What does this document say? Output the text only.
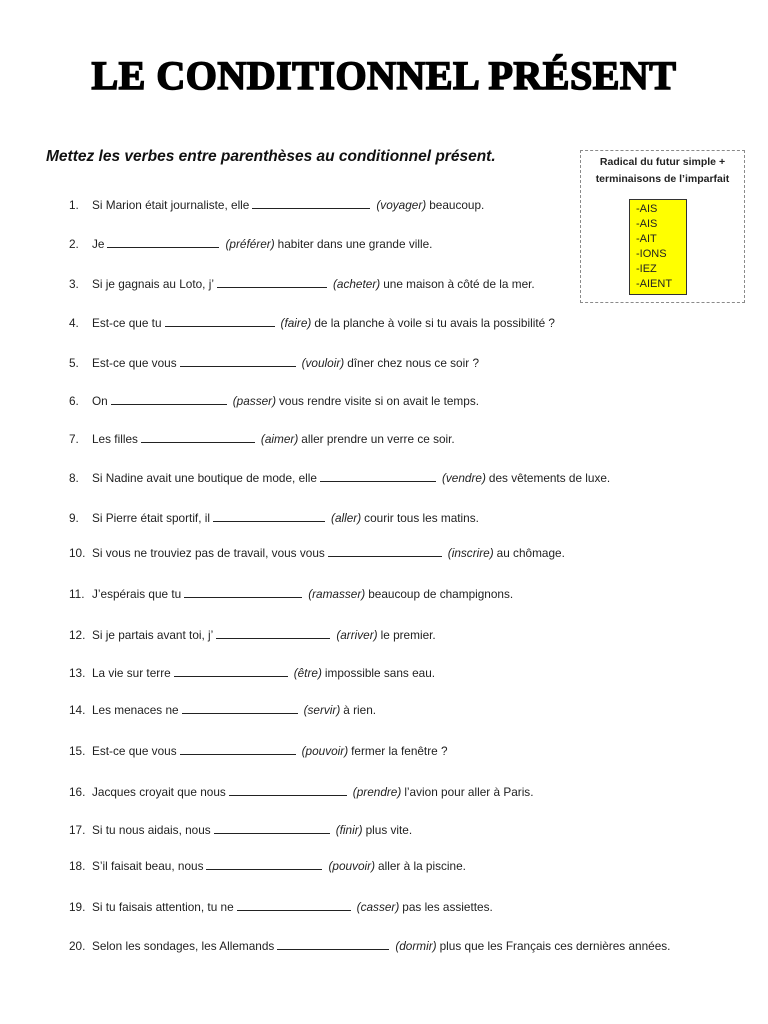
LE CONDITIONNEL PRÉSENT
Mettez les verbes entre parenthèses au conditionnel présent.	Radical du futur simple +
terminaisons de l’imparfait
-AIS
-AIS
-AIT
-IONS
-IEZ
-AIENT
1. Si Marion était journaliste, elle	(voyager) beaucoup.
2. Je	(préférer) habiter dans une grande ville.
3. Si je gagnais au Loto, j’	(acheter) une maison à côté de la mer.
4. Est-ce que tu	(faire) de la planche à voile si tu avais la possibilité ?
5. Est-ce que vous	(vouloir) dîner chez nous ce soir ?
6. On	(passer) vous rendre visite si on avait le temps.
7. Les filles	(aimer) aller prendre un verre ce soir.
8. Si Nadine avait une boutique de mode, elle	(vendre) des vêtements de luxe.
9. Si Pierre était sportif, il	(aller) courir tous les matins.
10. Si vous ne trouviez pas de travail, vous vous	(inscrire) au chômage.
11. J’espérais que tu	(ramasser) beaucoup de champignons.
12. Si je partais avant toi, j’	(arriver) le premier.
13. La vie sur terre	(être) impossible sans eau.
14. Les menaces ne	(servir) à rien.
15. Est-ce que vous	(pouvoir) fermer la fenêtre ?
16. Jacques croyait que nous	(prendre) l’avion pour aller à Paris.
17. Si tu nous aidais, nous	(finir) plus vite.
18. S’il faisait beau, nous	(pouvoir) aller à la piscine.
19. Si tu faisais attention, tu ne	(casser) pas les assiettes.
20. Selon les sondages, les Allemands	(dormir) plus que les Français ces dernières années.
